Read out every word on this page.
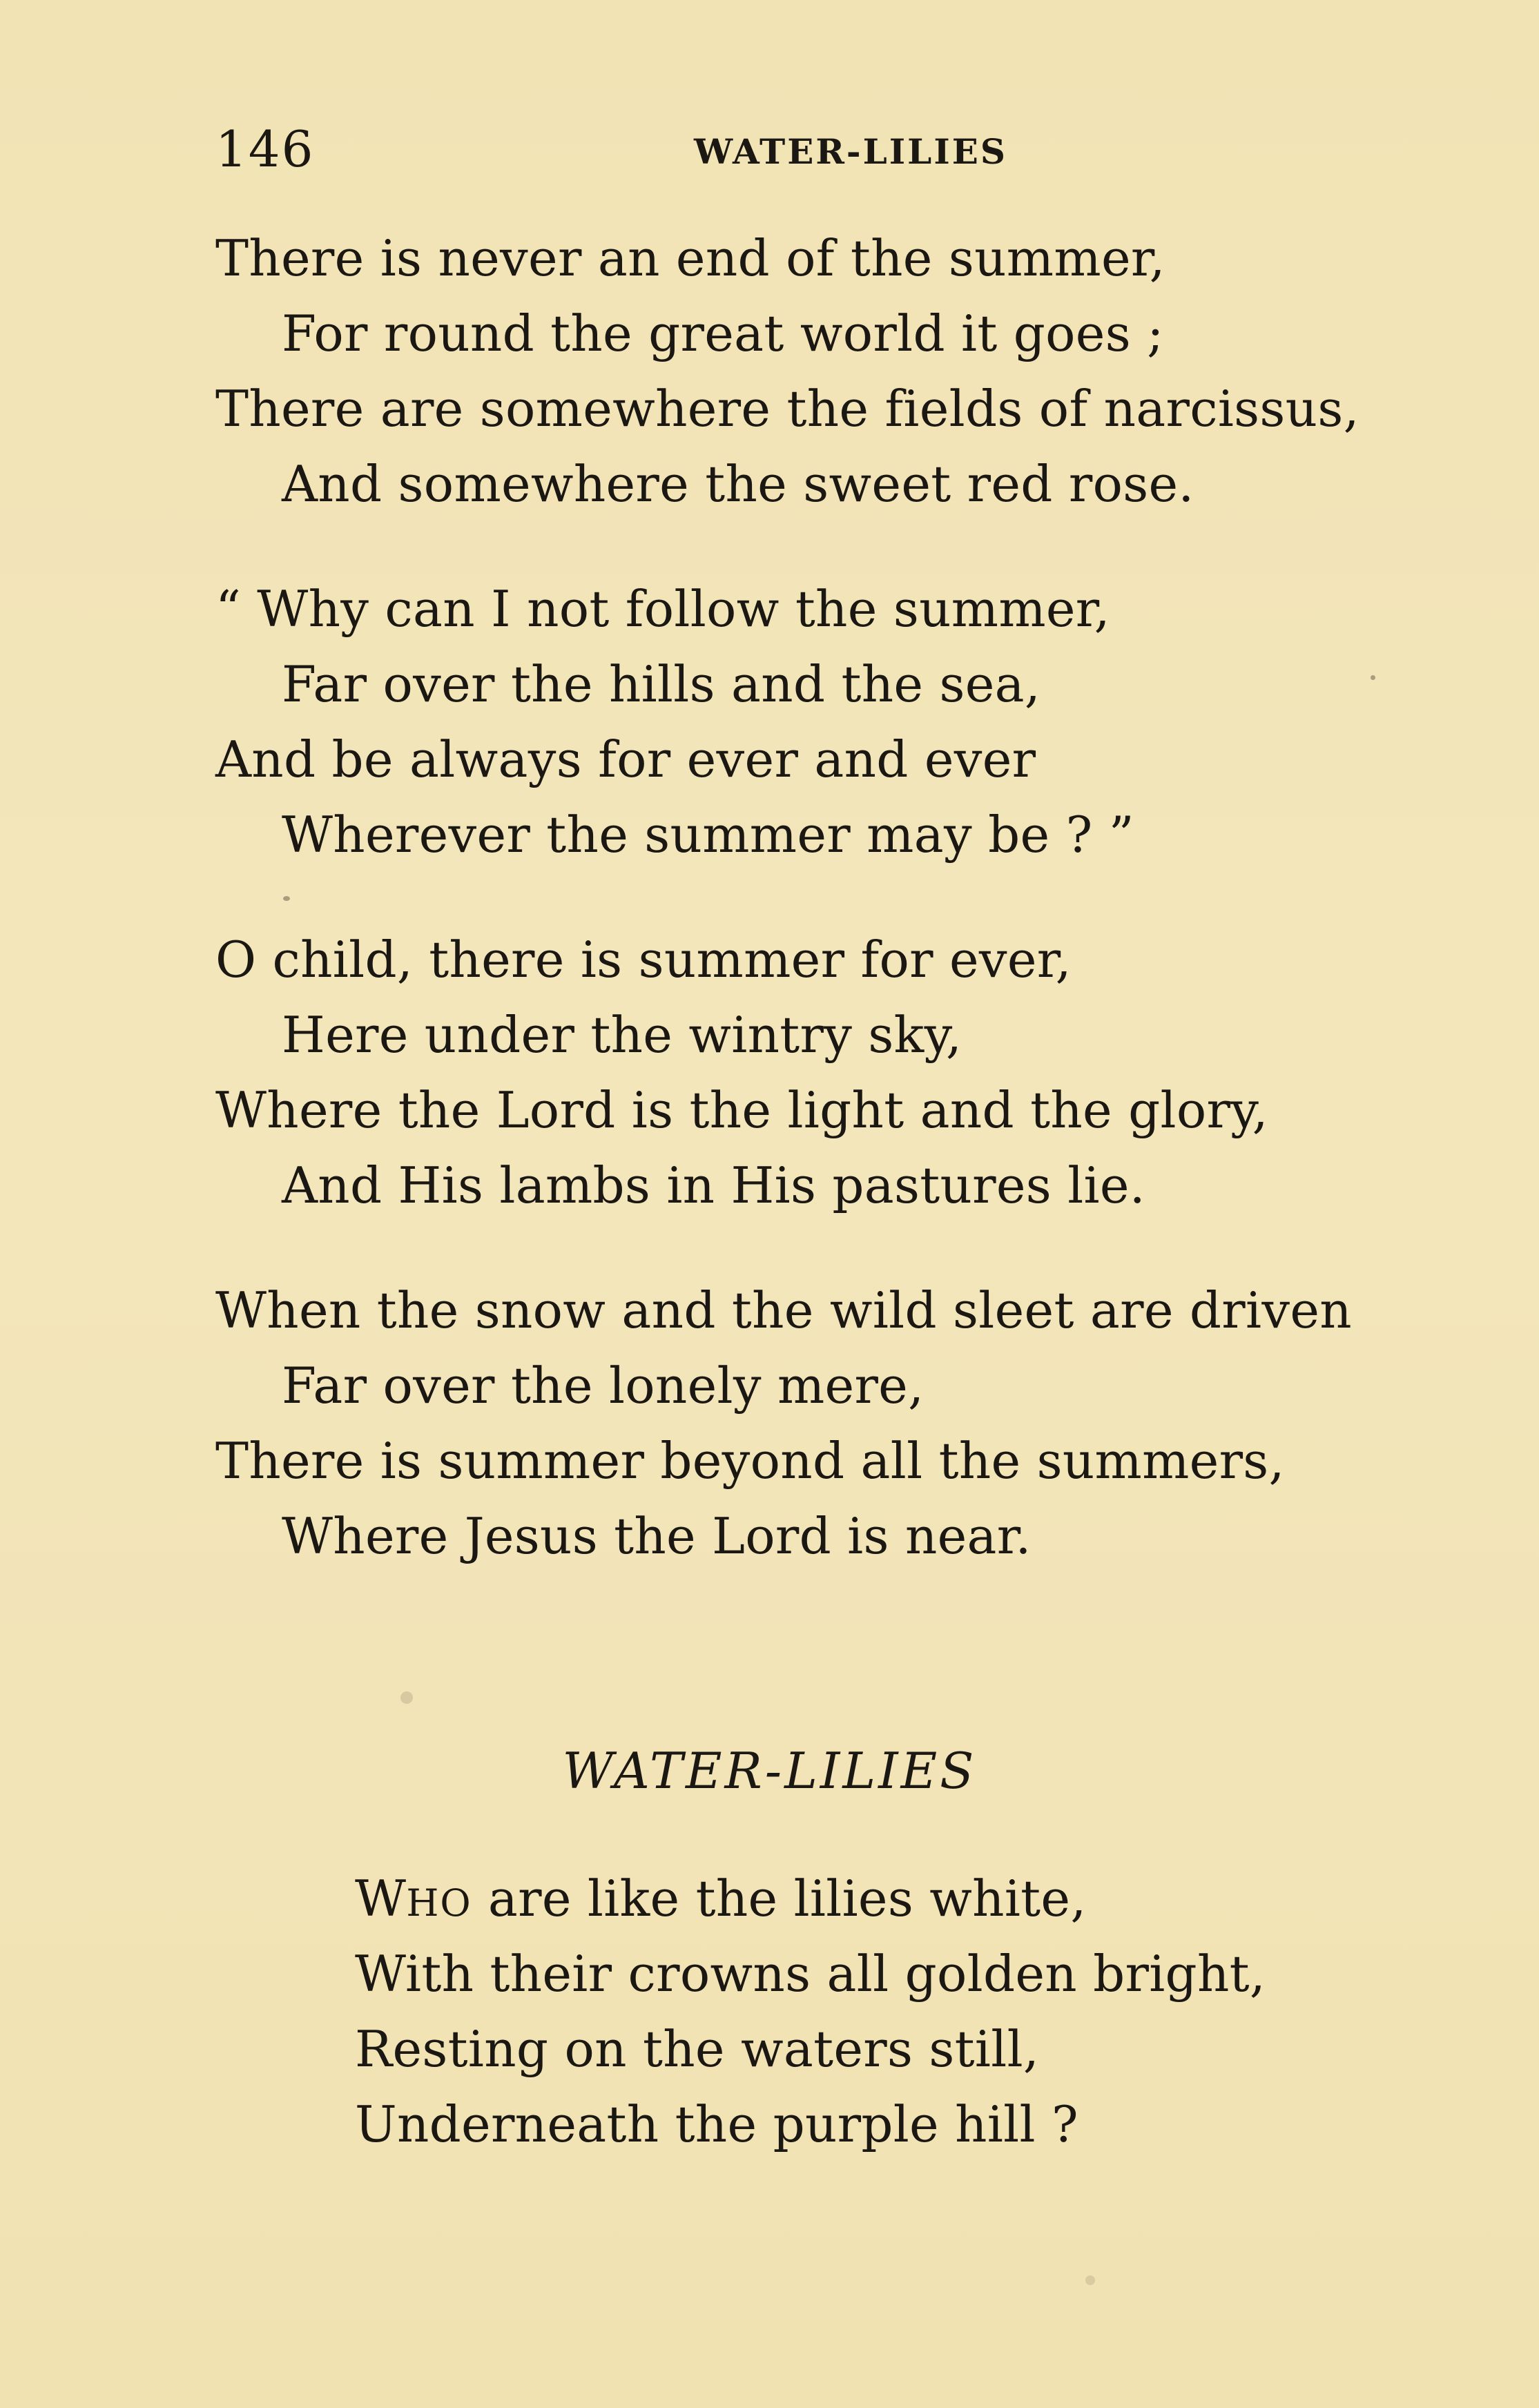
146	WATER-LILIES
There is never an end of the summer,
For round the great world it goes ;
There are somewhere the fields of narcissus,
And somewhere the sweet red rose.
“ Why can I not follow the summer,
Far over the hills and the sea,
And be always for ever and ever
Wherever the summer may be ? ”
O child, there is summer for ever,
Here under the wintry sky,
Where the Lord is the light and the glory,
And His lambs in His pastures lie.
When the snow and the wild sleet are driven
Far over the lonely mere,
There is summer beyond all the summers,
Where Jesus the Lord is near.
WATER-LILIES
WHO are like the lilies white,
With their crowns all golden bright,
Resting on the waters still,
Underneath the purple hill ?
